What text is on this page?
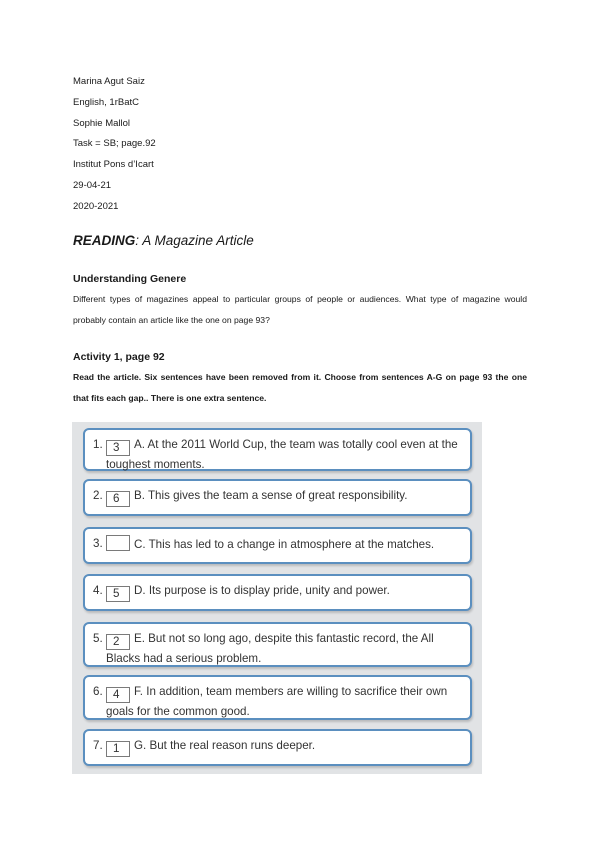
Marina Agut Saiz
English, 1rBatC
Sophie Mallol
Task = SB; page.92
Institut Pons d’Icart
29-04-21
2020-2021
READING: A Magazine Article
Understanding Genere
Different types of magazines appeal to particular groups of people or audiences. What type of magazine would probably contain an article like the one on page 93?
Activity 1, page 92
Read the article. Six sentences have been removed from it. Choose from sentences A-G on page 93 the one that fits each gap.. There is one extra sentence.
1. 3 A. At the 2011 World Cup, the team was totally cool even at the toughest moments.
2. 6 B. This gives the team a sense of great responsibility.
3.	C. This has led to a change in atmosphere at the matches.
4. 5 D. Its purpose is to display pride, unity and power.
5. 2 E. But not so long ago, despite this fantastic record, the All Blacks had a serious problem.
6. 4 F. In addition, team members are willing to sacrifice their own goals for the common good.
7. 1 G. But the real reason runs deeper.
